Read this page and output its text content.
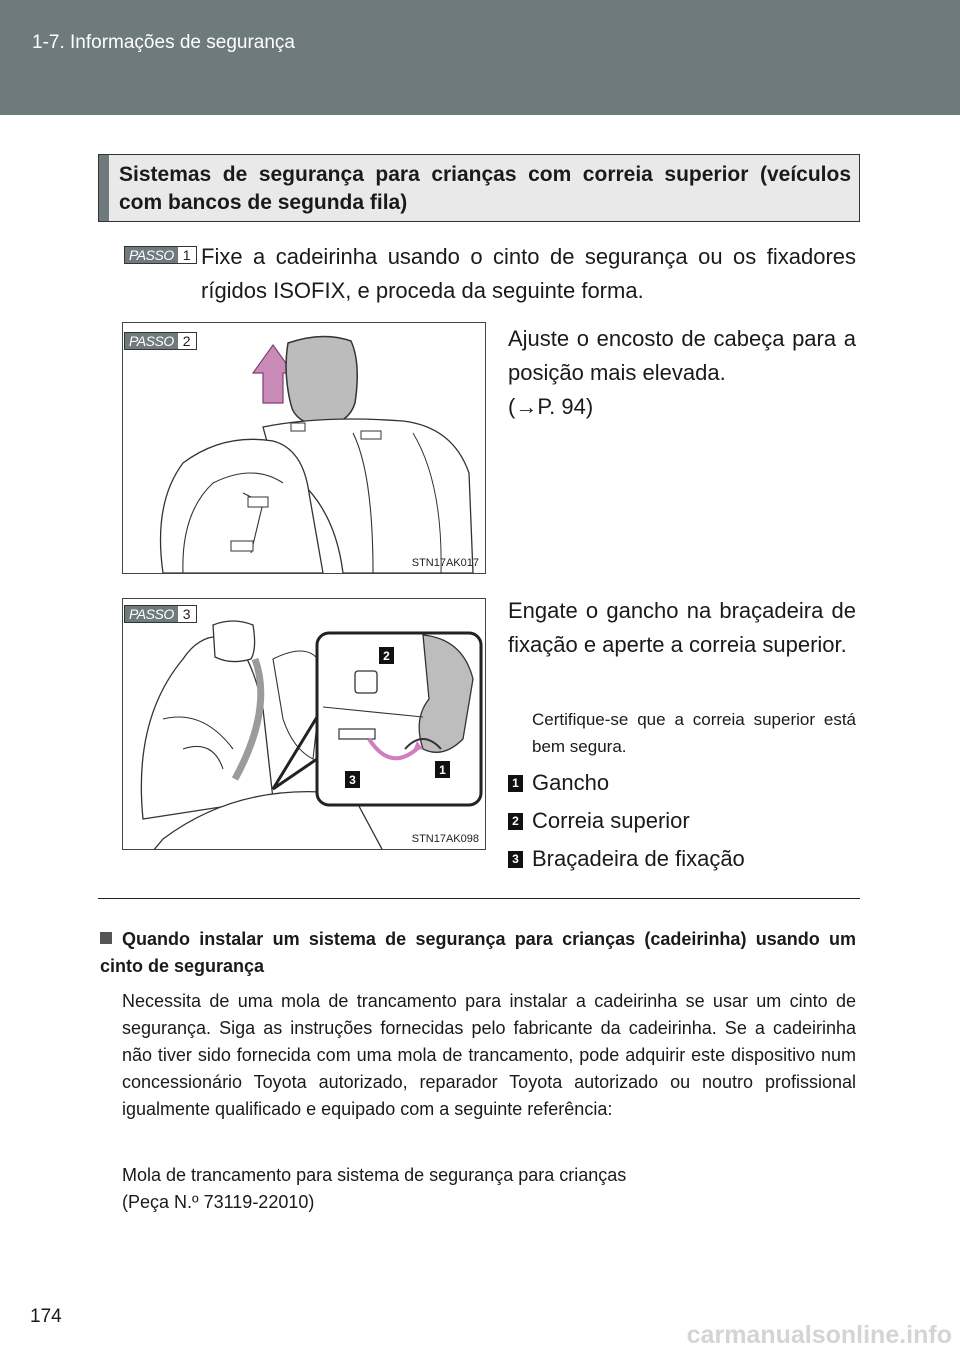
1-7. Informações de segurança
Sistemas de segurança para crianças com correia superior (veículos com bancos de segunda fila)
PASSO 1 Fixe a cadeirinha usando o cinto de segurança ou os fixadores rígidos ISOFIX, e proceda da seguinte forma.
STN17AK017
PASSO 2	Ajuste o encosto de cabeça para a posição mais elevada.
(→P. 94)
2
1
3
STN17AK098
PASSO 3	Engate o gancho na braçadeira de fixação e aperte a correia superior.
Certifique-se que a correia superior está bem segura.
1 Gancho
2 Correia superior
3 Braçadeira de fixação
Quando instalar um sistema de segurança para crianças (cadeirinha) usando um cinto de segurança
Necessita de uma mola de trancamento para instalar a cadeirinha se usar um cinto de segurança. Siga as instruções fornecidas pelo fabricante da cadeirinha. Se a cadeirinha não tiver sido fornecida com uma mola de trancamento, pode adquirir este dispositivo num concessionário Toyota autorizado, reparador Toyota autorizado ou noutro profissional igualmente qualificado e equipado com a seguinte referência:
Mola de trancamento para sistema de segurança para crianças
(Peça N.º 73119-22010)
174
carmanualsonline.info
